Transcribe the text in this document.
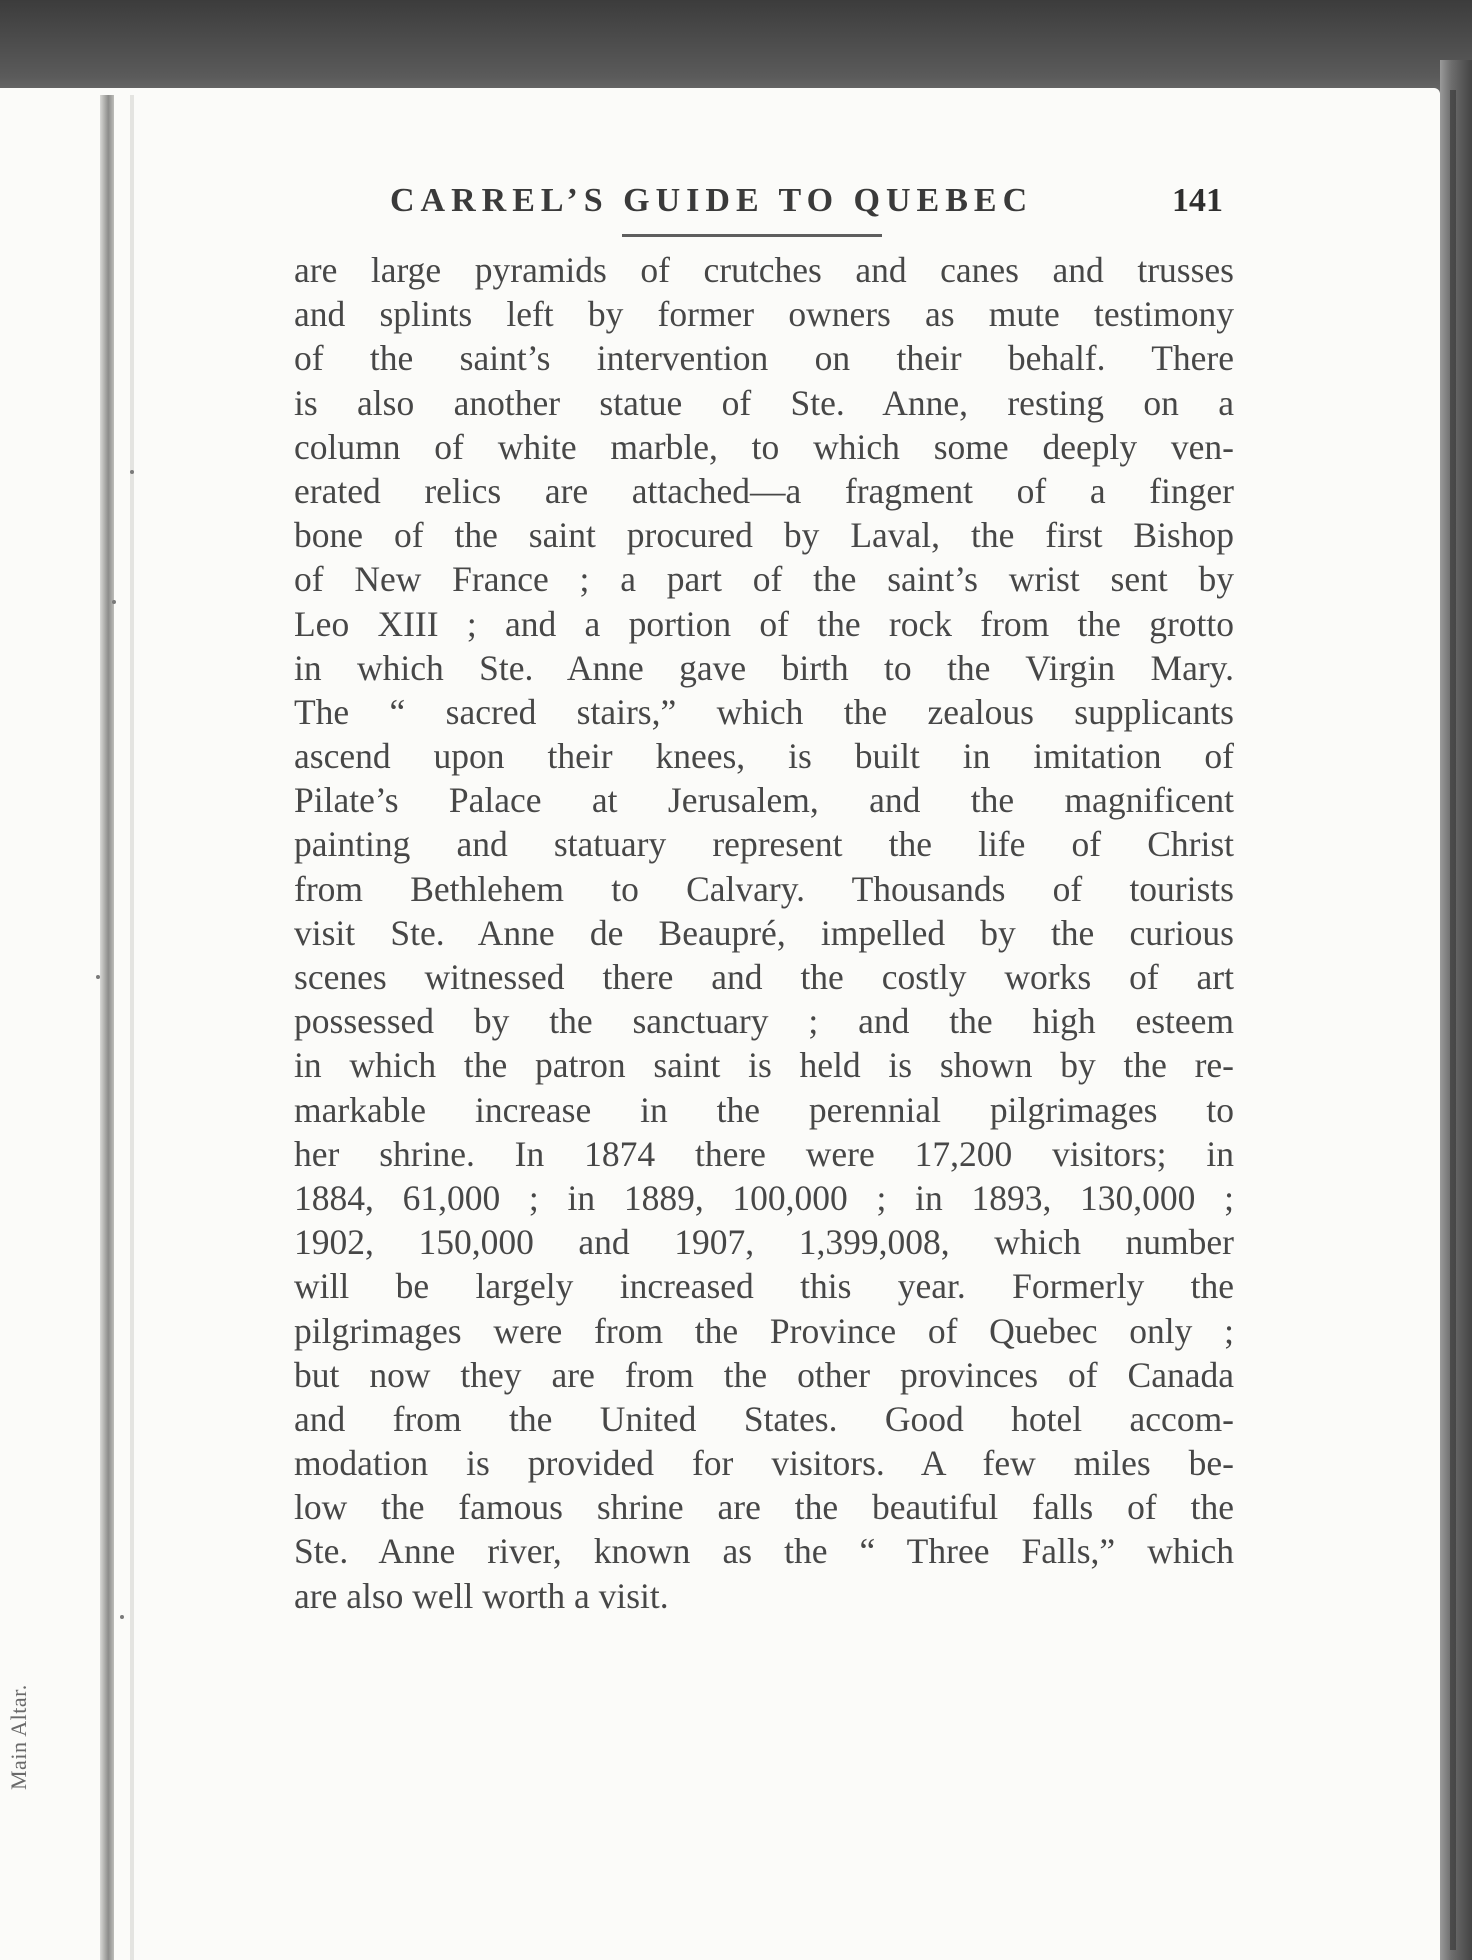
Main Altar.
CARREL’S GUIDE TO QUEBEC	141
are large pyramids of crutches and canes and trusses
and splints left by former owners as mute testimony
of the saint’s intervention on their behalf. There
is also another statue of Ste. Anne, resting on a
column of white marble, to which some deeply ven-
erated relics are attached—a fragment of a finger
bone of the saint procured by Laval, the first Bishop
of New France ; a part of the saint’s wrist sent by
Leo XIII ; and a portion of the rock from the grotto
in which Ste. Anne gave birth to the Virgin Mary.
The “ sacred stairs,” which the zealous supplicants
ascend upon their knees, is built in imitation of
Pilate’s Palace at Jerusalem, and the magnificent
painting and statuary represent the life of Christ
from Bethlehem to Calvary. Thousands of tourists
visit Ste. Anne de Beaupré, impelled by the curious
scenes witnessed there and the costly works of art
possessed by the sanctuary ; and the high esteem
in which the patron saint is held is shown by the re-
markable increase in the perennial pilgrimages to
her shrine. In 1874 there were 17,200 visitors; in
1884, 61,000 ; in 1889, 100,000 ; in 1893, 130,000 ;
1902, 150,000 and 1907, 1,399,008, which number
will be largely increased this year. Formerly the
pilgrimages were from the Province of Quebec only ;
but now they are from the other provinces of Canada
and from the United States. Good hotel accom-
modation is provided for visitors. A few miles be-
low the famous shrine are the beautiful falls of the
Ste. Anne river, known as the “ Three Falls,” which
are also well worth a visit.
